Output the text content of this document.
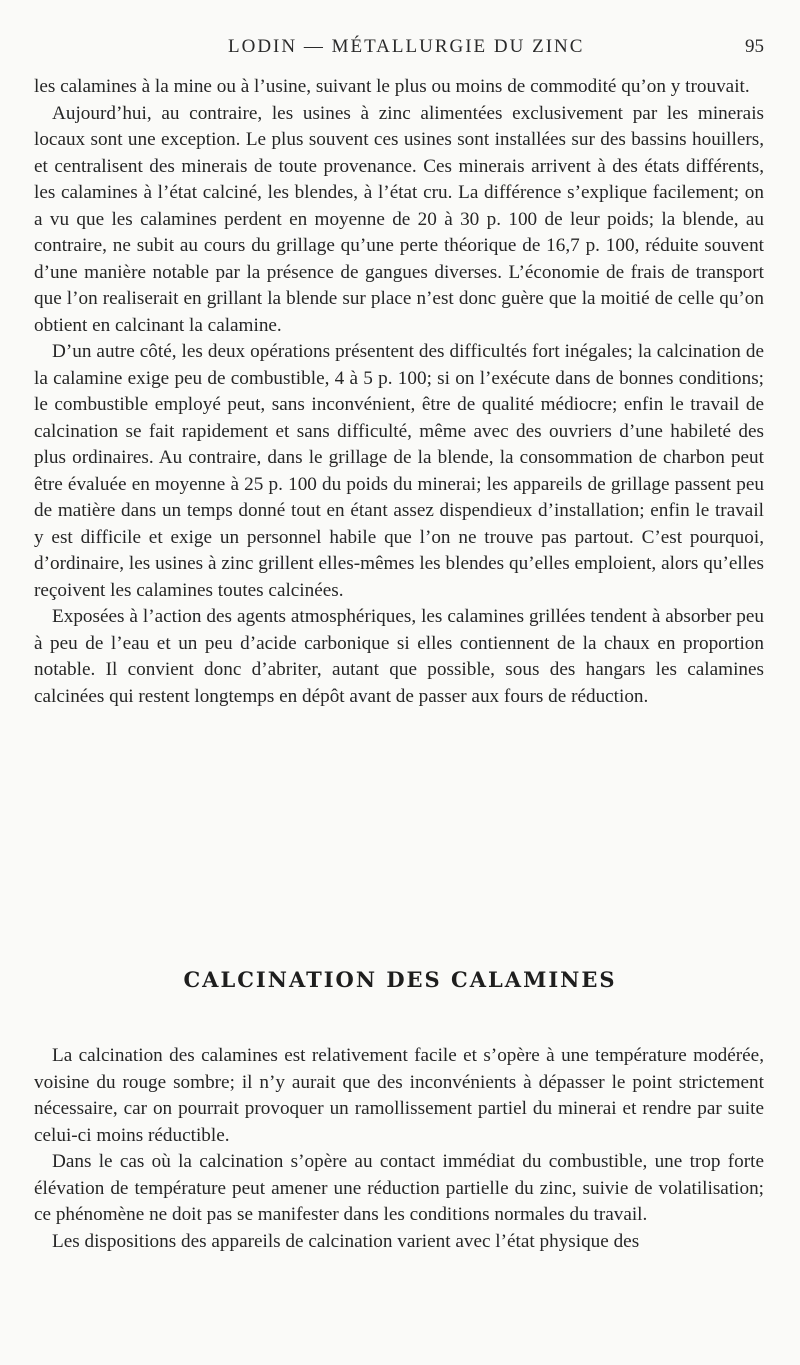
LODIN — MÉTALLURGIE DU ZINC	95

les calamines à la mine ou à l’usine, suivant le plus ou moins de commodité qu’on y trouvait.

Aujourd’hui, au contraire, les usines à zinc alimentées exclusivement par les minerais locaux sont une exception. Le plus souvent ces usines sont installées sur des bassins houillers, et centralisent des minerais de toute provenance. Ces minerais arrivent à des états différents, les calamines à l’état calciné, les blendes, à l’état cru. La différence s’explique facilement; on a vu que les calamines perdent en moyenne de 20 à 30 p. 100 de leur poids; la blende, au contraire, ne subit au cours du grillage qu’une perte théorique de 16,7 p. 100, réduite souvent d’une manière notable par la présence de gangues diverses. L’économie de frais de transport que l’on realiserait en grillant la blende sur place n’est donc guère que la moitié de celle qu’on obtient en calcinant la calamine.

D’un autre côté, les deux opérations présentent des difficultés fort inégales; la calcination de la calamine exige peu de combustible, 4 à 5 p. 100; si on l’exécute dans de bonnes conditions; le combustible employé peut, sans inconvénient, être de qualité médiocre; enfin le travail de calcination se fait rapidement et sans difficulté, même avec des ouvriers d’une habileté des plus ordinaires. Au contraire, dans le grillage de la blende, la consommation de charbon peut être évaluée en moyenne à 25 p. 100 du poids du minerai; les appareils de grillage passent peu de matière dans un temps donné tout en étant assez dispendieux d’installation; enfin le travail y est difficile et exige un personnel habile que l’on ne trouve pas partout. C’est pourquoi, d’ordinaire, les usines à zinc grillent elles-mêmes les blendes qu’elles emploient, alors qu’elles reçoivent les calamines toutes calcinées.

Exposées à l’action des agents atmosphériques, les calamines grillées tendent à absorber peu à peu de l’eau et un peu d’acide carbonique si elles contiennent de la chaux en proportion notable. Il convient donc d’abriter, autant que possible, sous des hangars les calamines calcinées qui restent longtemps en dépôt avant de passer aux fours de réduction.

CALCINATION DES CALAMINES

La calcination des calamines est relativement facile et s’opère à une température modérée, voisine du rouge sombre; il n’y aurait que des inconvénients à dépasser le point strictement nécessaire, car on pourrait provoquer un ramollissement partiel du minerai et rendre par suite celui-ci moins réductible.

Dans le cas où la calcination s’opère au contact immédiat du combustible, une trop forte élévation de température peut amener une réduction partielle du zinc, suivie de volatilisation; ce phénomène ne doit pas se manifester dans les conditions normales du travail.

Les dispositions des appareils de calcination varient avec l’état physique des
